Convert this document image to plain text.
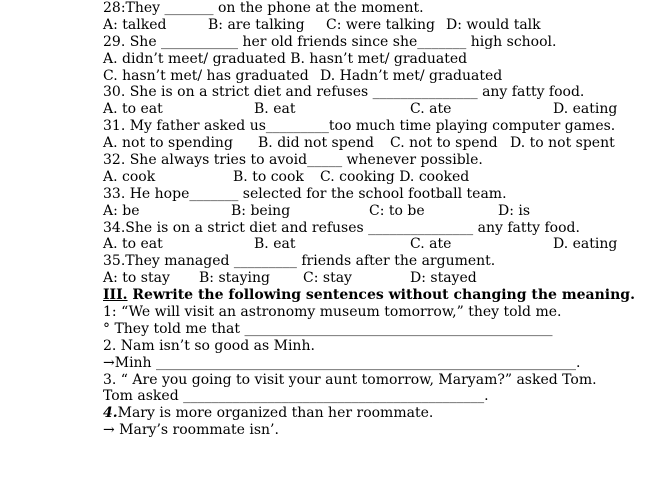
28:They _______ on the phone at the moment.
A: talked	B: are talking C: were talking D: would talk
29. She ___________ her old friends since she_______ high school.
A. didn’t meet/ graduated B. hasn’t met/ graduated
C. hasn’t met/ has graduated D. Hadn’t met/ graduated
30. She is on a strict diet and refuses _______________ any fatty food.
A. to eat	B. eat	C. ate	D. eating
31. My father asked us_________too much time playing computer games.
A. not to spending B. did not spend C. not to spend D. to not spent
32. She always tries to avoid_____ whenever possible.
A. cook	B. to cook C. cooking D. cooked
33. He hope_______ selected for the school football team.
A: be	B: being	C: to be	D: is
34.She is on a strict diet and refuses _______________ any fatty food.
A. to eat	B. eat	C. ate	D. eating
35.They managed _________ friends after the argument.
A: to stay B: staying C: stay	D: stayed
III. Rewrite the following sentences without changing the meaning.
1: “We will visit an astronomy museum tomorrow,” they told me.
° They told me that ____________________________________________
2. Nam isn’t so good as Minh.
→Minh ____________________________________________________________.
3. “ Are you going to visit your aunt tomorrow, Maryam?” asked Tom.
Tom asked ___________________________________________.
4.Mary is more organized than her roommate.
→ Mary’s roommate isn’.
